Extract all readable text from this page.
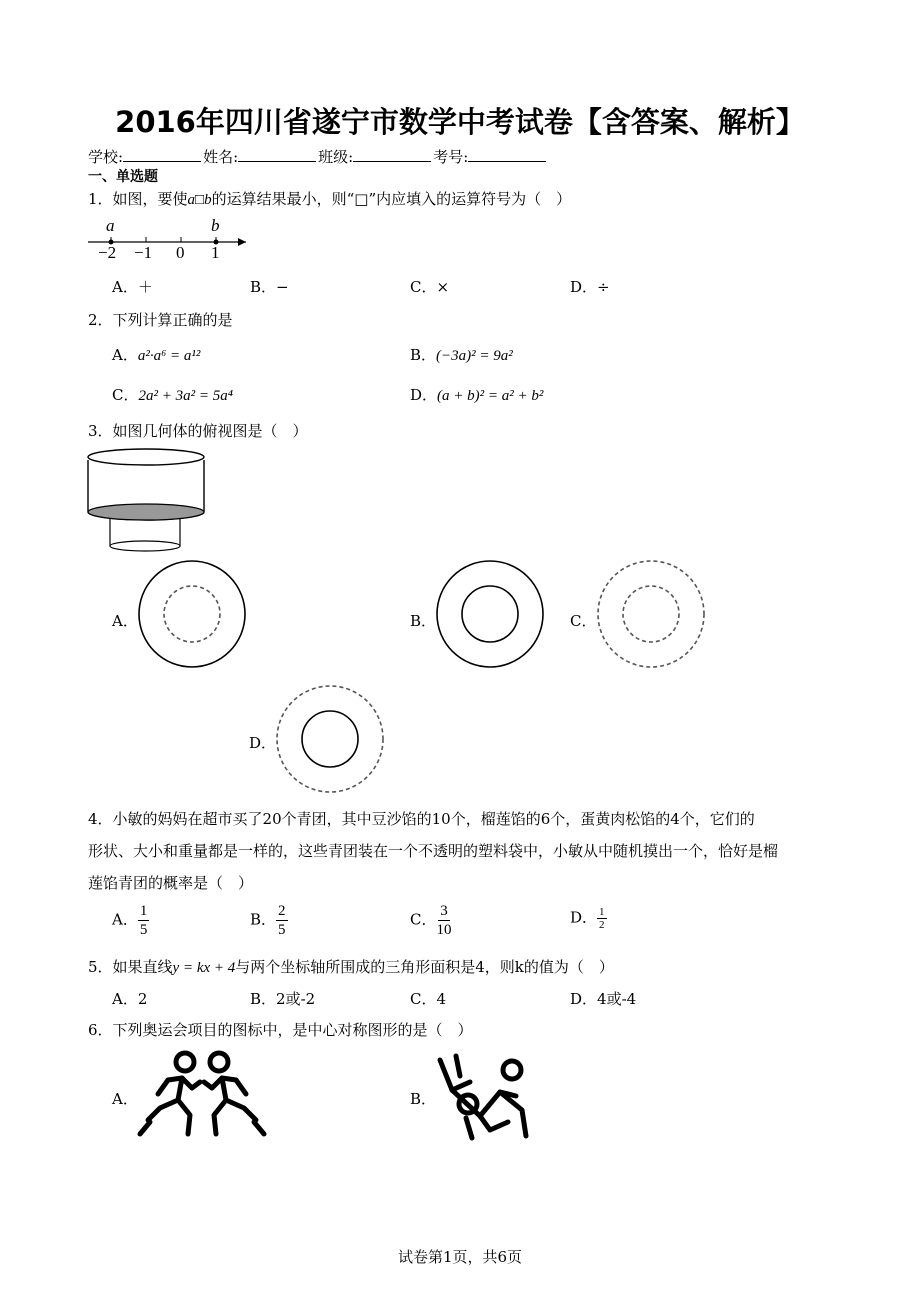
2016年四川省遂宁市数学中考试卷【含答案、解析】
学校:	姓名:	班级:	考号:
一、单选题
1．如图，要使a□b的运算结果最小，则“□”内应填入的运算符号为（　）
a	b
−2 −1 0 1
A．＋	B．−	C．×	D．÷
2．下列计算正确的是
A．a²·a⁶ = a¹²	B．(−3a)² = 9a²
C．2a² + 3a² = 5a⁴	D．(a + b)² = a² + b²
3．如图几何体的俯视图是（　）
A．	B．	C．
D．
4．小敏的妈妈在超市买了20个青团，其中豆沙馅的10个，榴莲馅的6个，蛋黄肉松馅的4个，它们的
形状、大小和重量都是一样的，这些青团装在一个不透明的塑料袋中，小敏从中随机摸出一个，恰好是榴
莲馅青团的概率是（　）
A． $\frac{1}{5}$	B． $\frac{2}{5}$	C． $\frac{3}{10}$	D． $\frac{1}{2}$
5．如果直线y = kx + 4与两个坐标轴所围成的三角形面积是4，则k的值为（　）
A．2	B．2或-2	C．4	D．4或-4
6．下列奥运会项目的图标中，是中心对称图形的是（　）
A．	B．
试卷第1页，共6页
